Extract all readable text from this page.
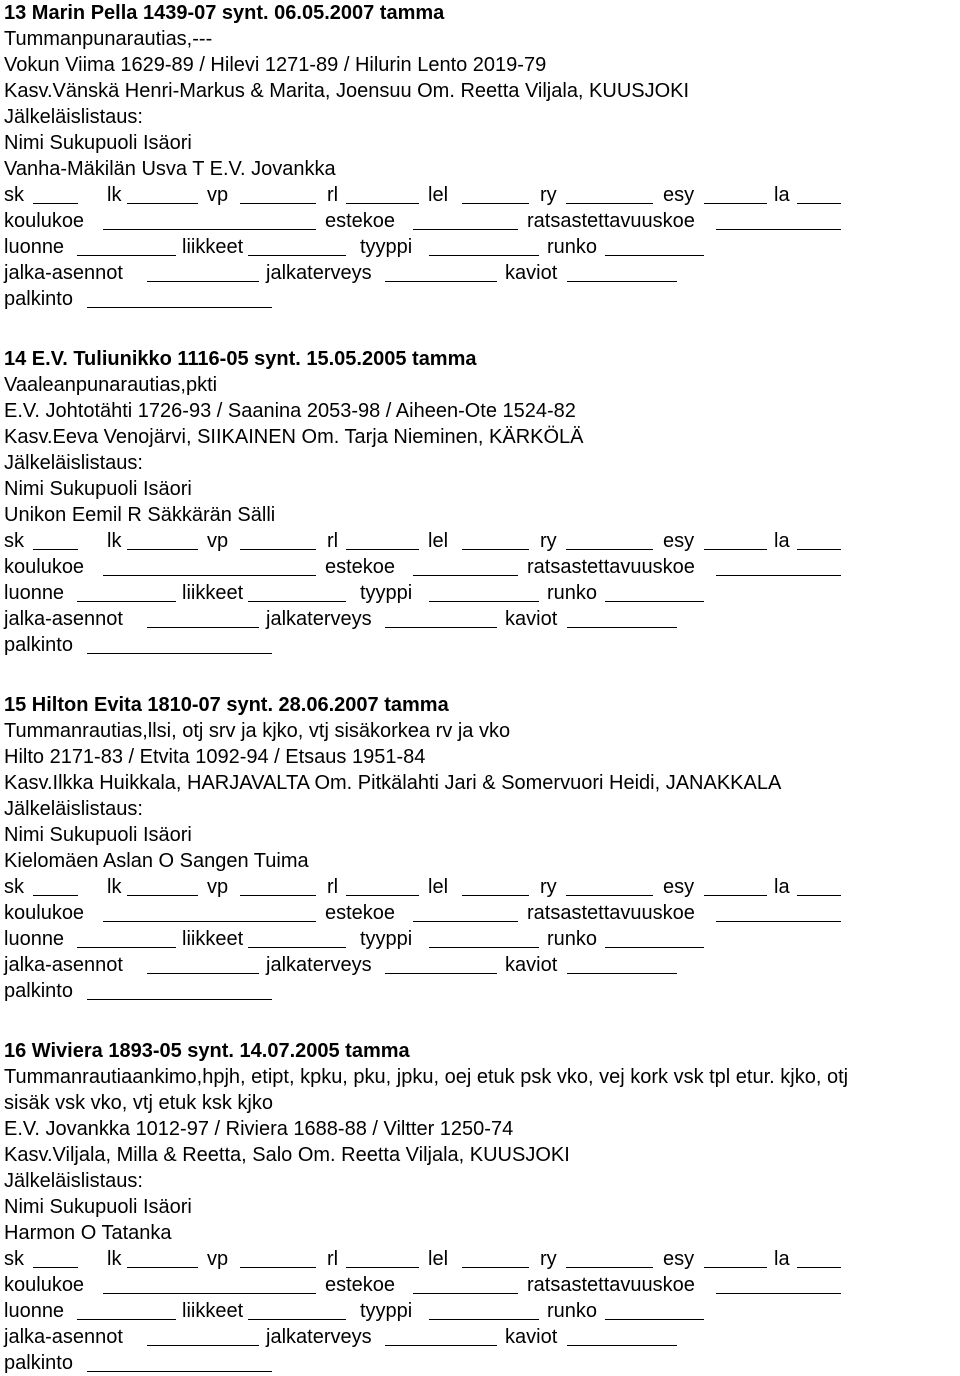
13 Marin Pella 1439-07 synt. 06.05.2007 tamma
Tummanpunarautias,---
Vokun Viima 1629-89 / Hilevi 1271-89 / Hilurin Lento 2019-79
Kasv.Vänskä Henri-Markus & Marita, Joensuu Om. Reetta Viljala, KUUSJOKI
Jälkeläislistaus:
Nimi Sukupuoli Isäori
Vanha-Mäkilän Usva T E.V. Jovankka
sk	lk	vp	rl	lel	ry	esy	la
koulukoe	estekoe	ratsastettavuuskoe
luonne	liikkeet	tyyppi	runko
jalka-asennot	jalkaterveys	kaviot
palkinto
14 E.V. Tuliunikko 1116-05 synt. 15.05.2005 tamma
Vaaleanpunarautias,pkti
E.V. Johtotähti 1726-93 / Saanina 2053-98 / Aiheen-Ote 1524-82
Kasv.Eeva Venojärvi, SIIKAINEN Om. Tarja Nieminen, KÄRKÖLÄ
Jälkeläislistaus:
Nimi Sukupuoli Isäori
Unikon Eemil R Säkkärän Sälli
sk	lk	vp	rl	lel	ry	esy	la
koulukoe	estekoe	ratsastettavuuskoe
luonne	liikkeet	tyyppi	runko
jalka-asennot	jalkaterveys	kaviot
palkinto
15 Hilton Evita 1810-07 synt. 28.06.2007 tamma
Tummanrautias,llsi, otj srv ja kjko, vtj sisäkorkea rv ja vko
Hilto 2171-83 / Etvita 1092-94 / Etsaus 1951-84
Kasv.Ilkka Huikkala, HARJAVALTA Om. Pitkälahti Jari & Somervuori Heidi, JANAKKALA
Jälkeläislistaus:
Nimi Sukupuoli Isäori
Kielomäen Aslan O Sangen Tuima
sk	lk	vp	rl	lel	ry	esy	la
koulukoe	estekoe	ratsastettavuuskoe
luonne	liikkeet	tyyppi	runko
jalka-asennot	jalkaterveys	kaviot
palkinto
16 Wiviera 1893-05 synt. 14.07.2005 tamma
Tummanrautiaankimo,hpjh, etipt, kpku, pku, jpku, oej etuk psk vko, vej kork vsk tpl etur. kjko, otj
sisäk vsk vko, vtj etuk ksk kjko
E.V. Jovankka 1012-97 / Riviera 1688-88 / Viltter 1250-74
Kasv.Viljala, Milla & Reetta, Salo Om. Reetta Viljala, KUUSJOKI
Jälkeläislistaus:
Nimi Sukupuoli Isäori
Harmon O Tatanka
sk	lk	vp	rl	lel	ry	esy	la
koulukoe	estekoe	ratsastettavuuskoe
luonne	liikkeet	tyyppi	runko
jalka-asennot	jalkaterveys	kaviot
palkinto
